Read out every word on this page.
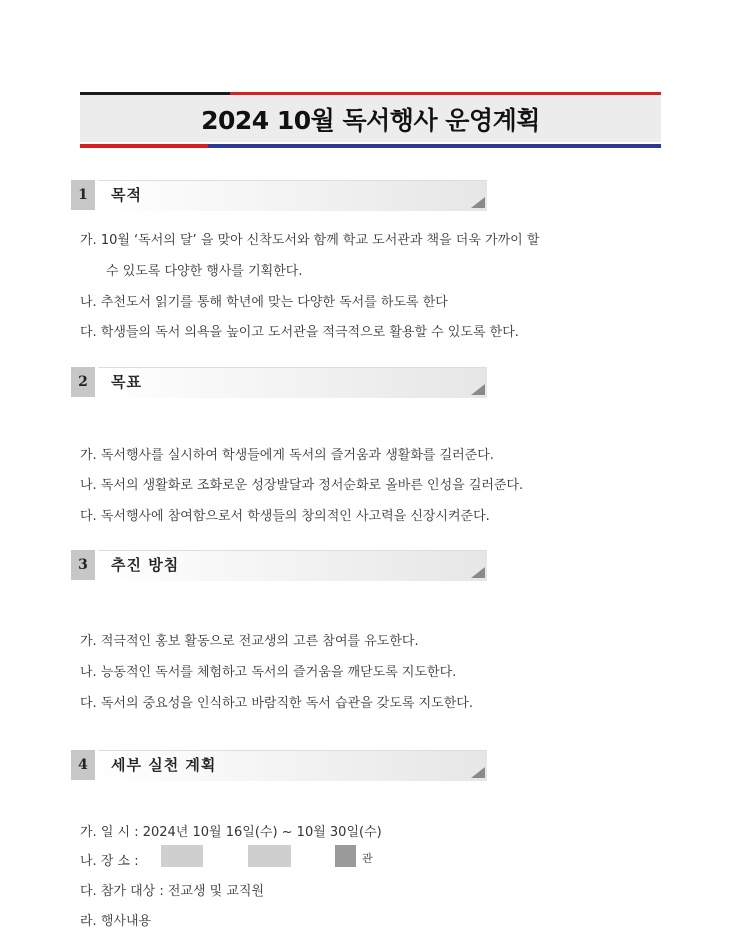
2024 10월 독서행사 운영계획
1	목적
가. 10월 ‘독서의 달’ 을 맞아 신착도서와 함께 학교 도서관과 책을 더욱 가까이 할
수 있도록 다양한 행사를 기획한다.
나. 추천도서 읽기를 통해 학년에 맞는 다양한 독서를 하도록 한다
다. 학생들의 독서 의욕을 높이고 도서관을 적극적으로 활용할 수 있도록 한다.
2	목표
가. 독서행사를 실시하여 학생들에게 독서의 즐거움과 생활화를 길러준다.
나. 독서의 생활화로 조화로운 성장발달과 정서순화로 올바른 인성을 길러준다.
다. 독서행사에 참여함으로서 학생들의 창의적인 사고력을 신장시켜준다.
3	추진 방침
가. 적극적인 홍보 활동으로 전교생의 고른 참여를 유도한다.
나. 능동적인 독서를 체험하고 독서의 즐거움을 깨닫도록 지도한다.
다. 독서의 중요성을 인식하고 바람직한 독서 습관을 갖도록 지도한다.
4	세부 실천 계획
가. 일 시 : 2024년 10월 16일(수) ~ 10월 30일(수)
나. 장 소 :	관
다. 참가 대상 : 전교생 및 교직원
라. 행사내용
